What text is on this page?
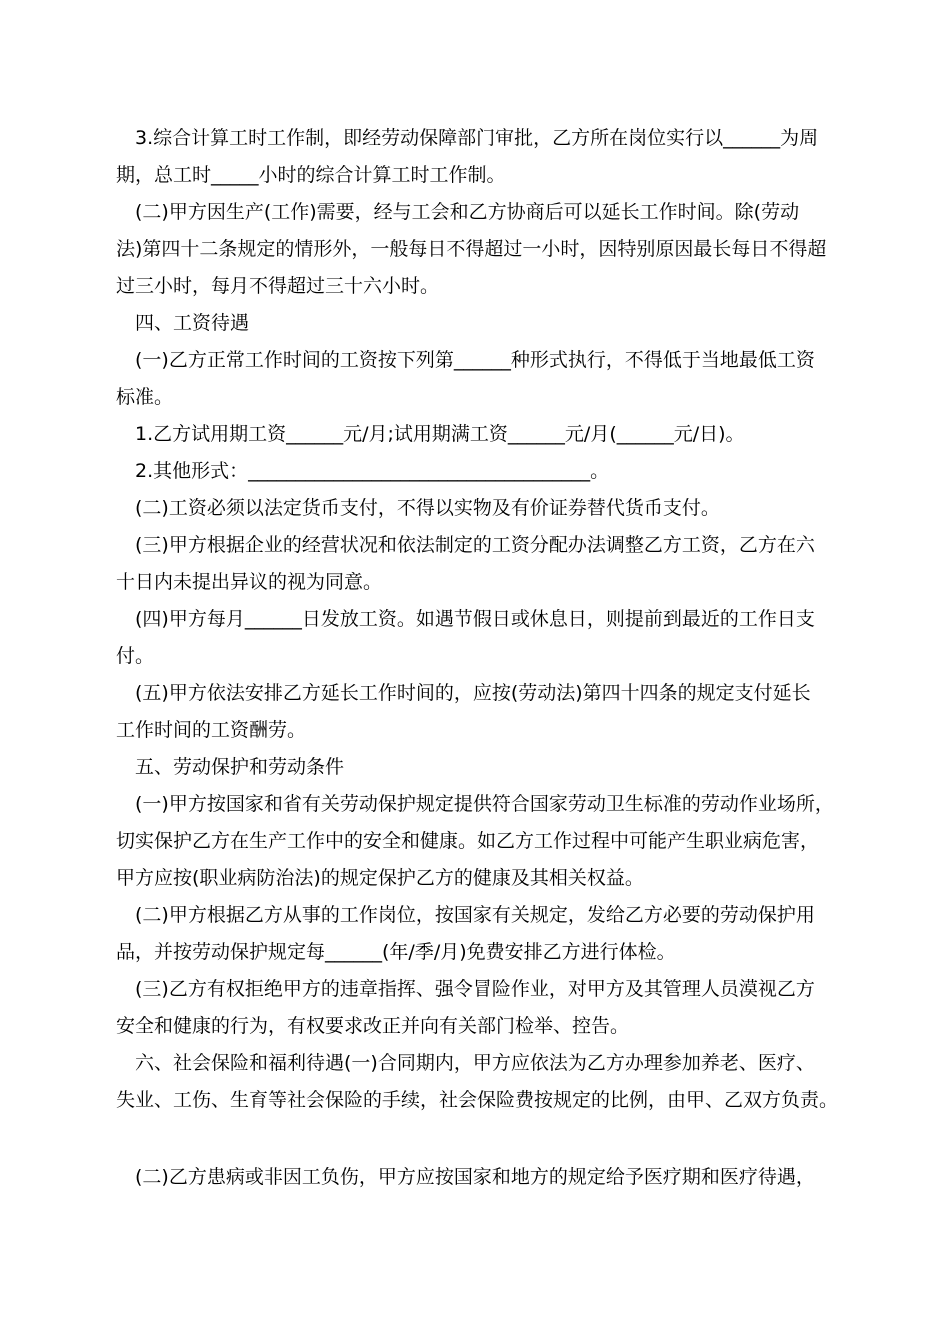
3.综合计算工时工作制，即经劳动保障部门审批，乙方所在岗位实行以______为周
期，总工时_____小时的综合计算工时工作制。

(二)甲方因生产(工作)需要，经与工会和乙方协商后可以延长工作时间。除(劳动
法)第四十二条规定的情形外，一般每日不得超过一小时，因特别原因最长每日不得超
过三小时，每月不得超过三十六小时。

四、工资待遇

(一)乙方正常工作时间的工资按下列第______种形式执行，不得低于当地最低工资
标准。

1.乙方试用期工资______元/月;试用期满工资______元/月(______元/日)。

2.其他形式：____________________________________。

(二)工资必须以法定货币支付，不得以实物及有价证券替代货币支付。

(三)甲方根据企业的经营状况和依法制定的工资分配办法调整乙方工资，乙方在六
十日内未提出异议的视为同意。

(四)甲方每月______日发放工资。如遇节假日或休息日，则提前到最近的工作日支
付。

(五)甲方依法安排乙方延长工作时间的，应按(劳动法)第四十四条的规定支付延长
工作时间的工资酬劳。

五、劳动保护和劳动条件

(一)甲方按国家和省有关劳动保护规定提供符合国家劳动卫生标准的劳动作业场所，
切实保护乙方在生产工作中的安全和健康。如乙方工作过程中可能产生职业病危害，
甲方应按(职业病防治法)的规定保护乙方的健康及其相关权益。

(二)甲方根据乙方从事的工作岗位，按国家有关规定，发给乙方必要的劳动保护用
品，并按劳动保护规定每______(年/季/月)免费安排乙方进行体检。

(三)乙方有权拒绝甲方的违章指挥、强令冒险作业，对甲方及其管理人员漠视乙方
安全和健康的行为，有权要求改正并向有关部门检举、控告。

六、社会保险和福利待遇(一)合同期内，甲方应依法为乙方办理参加养老、医疗、
失业、工伤、生育等社会保险的手续，社会保险费按规定的比例，由甲、乙双方负责。

(二)乙方患病或非因工负伤，甲方应按国家和地方的规定给予医疗期和医疗待遇，
